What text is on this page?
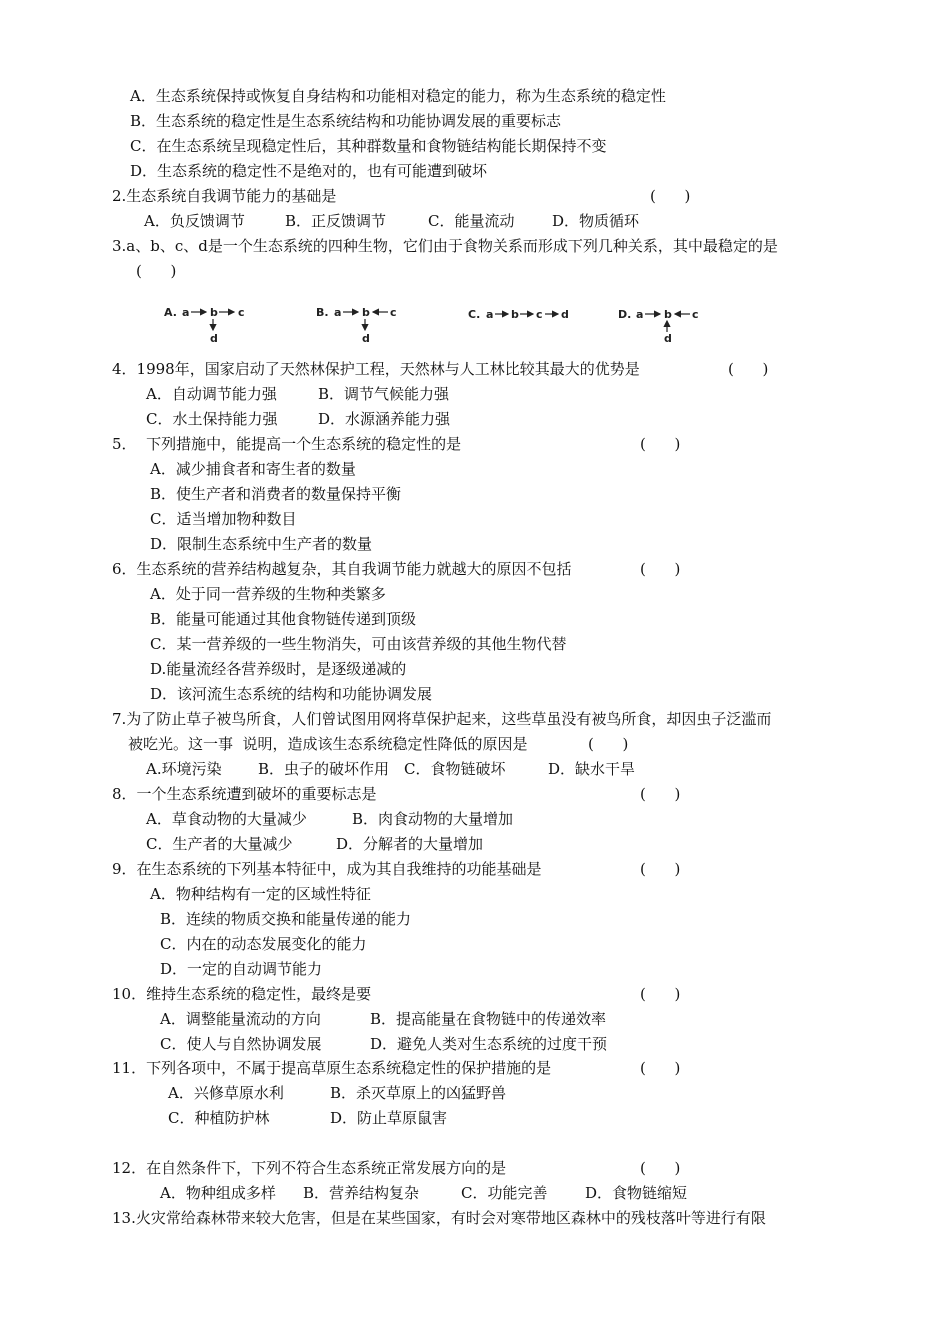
A．生态系统保持或恢复自身结构和功能相对稳定的能力，称为生态系统的稳定性
B．生态系统的稳定性是生态系统结构和功能协调发展的重要标志
C．在生态系统呈现稳定性后，其种群数量和食物链结构能长期保持不变
D．生态系统的稳定性不是绝对的，也有可能遭到破坏
2.生态系统自我调节能力的基础是	(      )
A．负反馈调节	B．正反馈调节	C．能量流动	D．物质循环
3.a、b、c、d是一个生态系统的四种生物，它们由于食物关系而形成下列几种关系，其中最稳定的是
(      )
A. a b c
d
B. a b c
d
C. a b c d	D. a b c
d
4．1998年，国家启动了天然林保护工程，天然林与人工林比较其最大的优势是	(      )
A．自动调节能力强	B．调节气候能力强
C．水土保持能力强	D．水源涵养能力强
5．  下列措施中，能提高一个生态系统的稳定性的是	(      )
A．减少捕食者和寄生者的数量
B．使生产者和消费者的数量保持平衡
C．适当增加物种数目
D．限制生态系统中生产者的数量
6．生态系统的营养结构越复杂，其自我调节能力就越大的原因不包括	(      )
A．处于同一营养级的生物种类繁多
B．能量可能通过其他食物链传递到顶级
C．某一营养级的一些生物消失，可由该营养级的其他生物代替
D.能量流经各营养级时，是逐级递减的
D．该河流生态系统的结构和功能协调发展
7.为了防止草子被鸟所食，人们曾试图用网将草保护起来，这些草虽没有被鸟所食，却因虫子泛滥而
被吃光。这一事  说明，造成该生态系统稳定性降低的原因是	(      )
A.环境污染 B．虫子的破坏作用 C．食物链破坏	D．缺水干旱
8．一个生态系统遭到破坏的重要标志是	(      )
A．草食动物的大量减少	B．肉食动物的大量增加
C．生产者的大量减少	D．分解者的大量增加
9．在生态系统的下列基本特征中，成为其自我维持的功能基础是	(      )
A．物种结构有一定的区域性特征
B．连续的物质交换和能量传递的能力
C．内在的动态发展变化的能力
D．一定的自动调节能力
10．维持生态系统的稳定性，最终是要	(      )
A．调整能量流动的方向	B．提高能量在食物链中的传递效率
C．使人与自然协调发展	D．避免人类对生态系统的过度干预
11．下列各项中，不属于提高草原生态系统稳定性的保护措施的是	(      )
A．兴修草原水利	B．杀灭草原上的凶猛野兽
C．种植防护林	D．防止草原鼠害
12．在自然条件下，下列不符合生态系统正常发展方向的是	(      )
A．物种组成多样 B．营养结构复杂	C．功能完善	D．食物链缩短
13.火灾常给森林带来较大危害，但是在某些国家，有时会对寒带地区森林中的残枝落叶等进行有限
